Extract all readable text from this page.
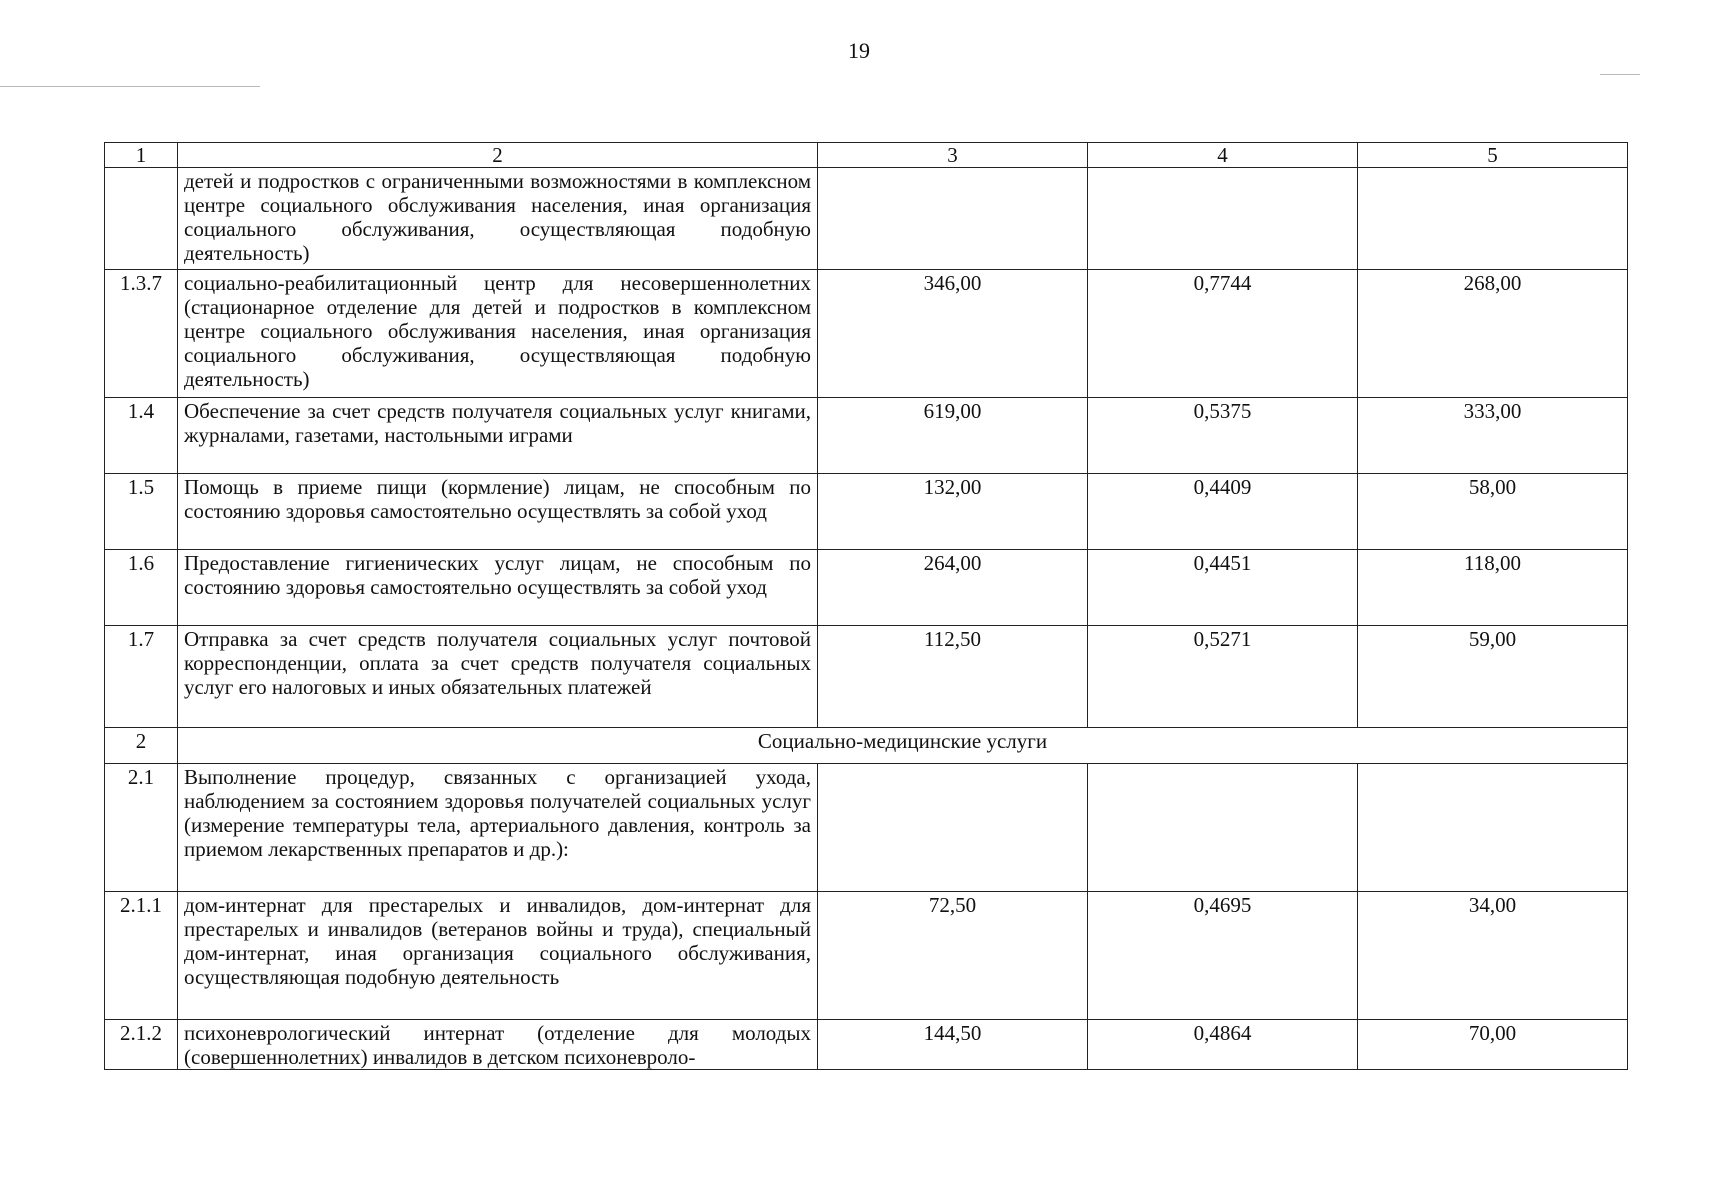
19
1	2	3	4	5
	детей и подростков с ограниченными возможностями в комплексном центре социального обслуживания населения, иная организация социального обслуживания, осуществляющая подобную деятельность)			
1.3.7	социально-реабилитационный центр для несовершеннолетних (стационарное отделение для детей и подростков в комплексном центре социального обслуживания населения, иная организация социального обслуживания, осуществляющая подобную деятельность)	346,00	0,7744	268,00
1.4	Обеспечение за счет средств получателя социальных услуг книгами, журналами, газетами, настольными играми	619,00	0,5375	333,00
1.5	Помощь в приеме пищи (кормление) лицам, не способным по состоянию здоровья самостоятельно осуществлять за собой уход	132,00	0,4409	58,00
1.6	Предоставление гигиенических услуг лицам, не способным по состоянию здоровья самостоятельно осуществлять за собой уход	264,00	0,4451	118,00
1.7	Отправка за счет средств получателя социальных услуг почтовой корреспонденции, оплата за счет средств получателя социальных услуг его налоговых и иных обязательных платежей	112,50	0,5271	59,00
2	Социально-медицинские услуги			
2.1	Выполнение процедур, связанных с организацией ухода, наблюдением за состоянием здоровья получателей социальных услуг (измерение температуры тела, артериального давления, контроль за приемом лекарственных препаратов и др.):			
2.1.1	дом-интернат для престарелых и инвалидов, дом-интернат для престарелых и инвалидов (ветеранов войны и труда), специальный дом-интернат, иная организация социального обслуживания, осуществляющая подобную деятельность	72,50	0,4695	34,00
2.1.2	психоневрологический интернат (отделение для молодых (совершеннолетних) инвалидов в детском психоневроло-	144,50	0,4864	70,00
